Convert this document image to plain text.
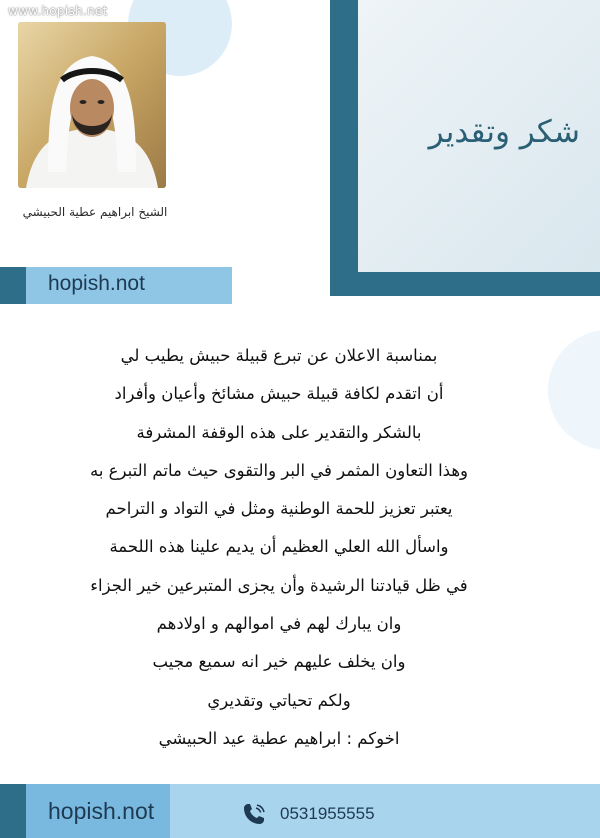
www.hopish.net
شكر وتقدير
الشيخ ابراهيم عطية الحبيشي
hopish.not
بمناسبة الاعلان عن تبرع قبيلة حبيش يطيب لي
أن اتقدم لكافة قبيلة حبيش مشائخ وأعيان وأفراد
بالشكر والتقدير على هذه الوقفة المشرفة
وهذا التعاون المثمر في البر والتقوى حيث ماتم التبرع به
يعتبر تعزيز للحمة الوطنية ومثل في التواد و التراحم
واسأل الله العلي العظيم أن يديم علينا هذه اللحمة
في ظل قيادتنا الرشيدة وأن يجزى المتبرعين خير الجزاء
وان يبارك لهم في اموالهم و اولادهم
وان يخلف عليهم خير انه سميع مجيب
ولكم تحياتي وتقديري
اخوكم : ابراهيم عطية عيد الحبيشي
hopish.not	0531955555
